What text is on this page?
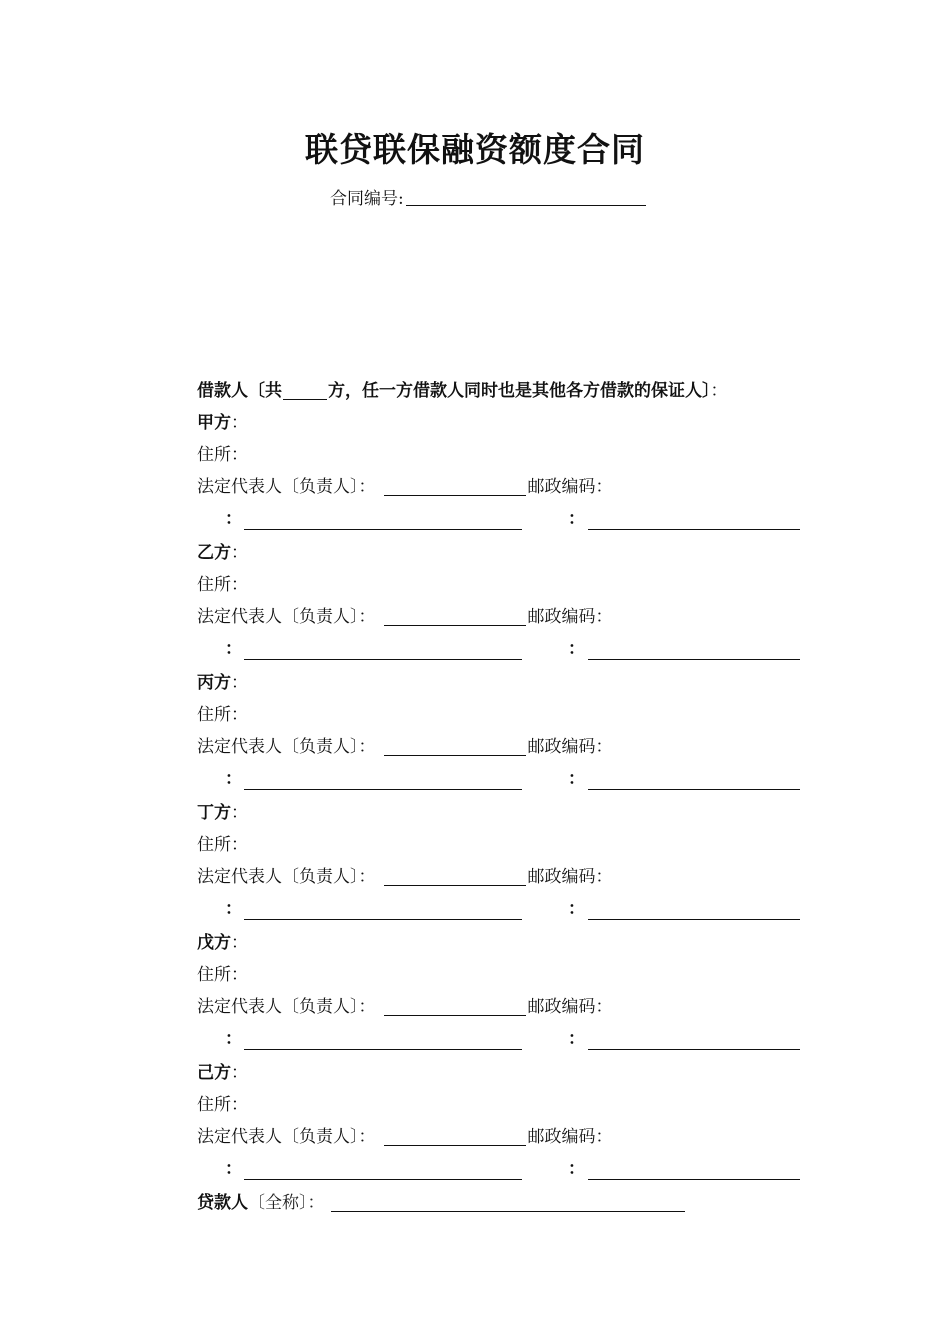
联贷联保融资额度合同
合同编号:
借款人〔共	方，任一方借款人同时也是其他各方借款的保证人〕：
甲方：
住所：
法定代表人〔负责人〕：	邮政编码：
：	：
乙方：
住所：
法定代表人〔负责人〕：	邮政编码：
：	：
丙方：
住所：
法定代表人〔负责人〕：	邮政编码：
：	：
丁方：
住所：
法定代表人〔负责人〕：	邮政编码：
：	：
戊方：
住所：
法定代表人〔负责人〕：	邮政编码：
：	：
己方：
住所：
法定代表人〔负责人〕：	邮政编码：
：	：
贷款人〔全称〕：
